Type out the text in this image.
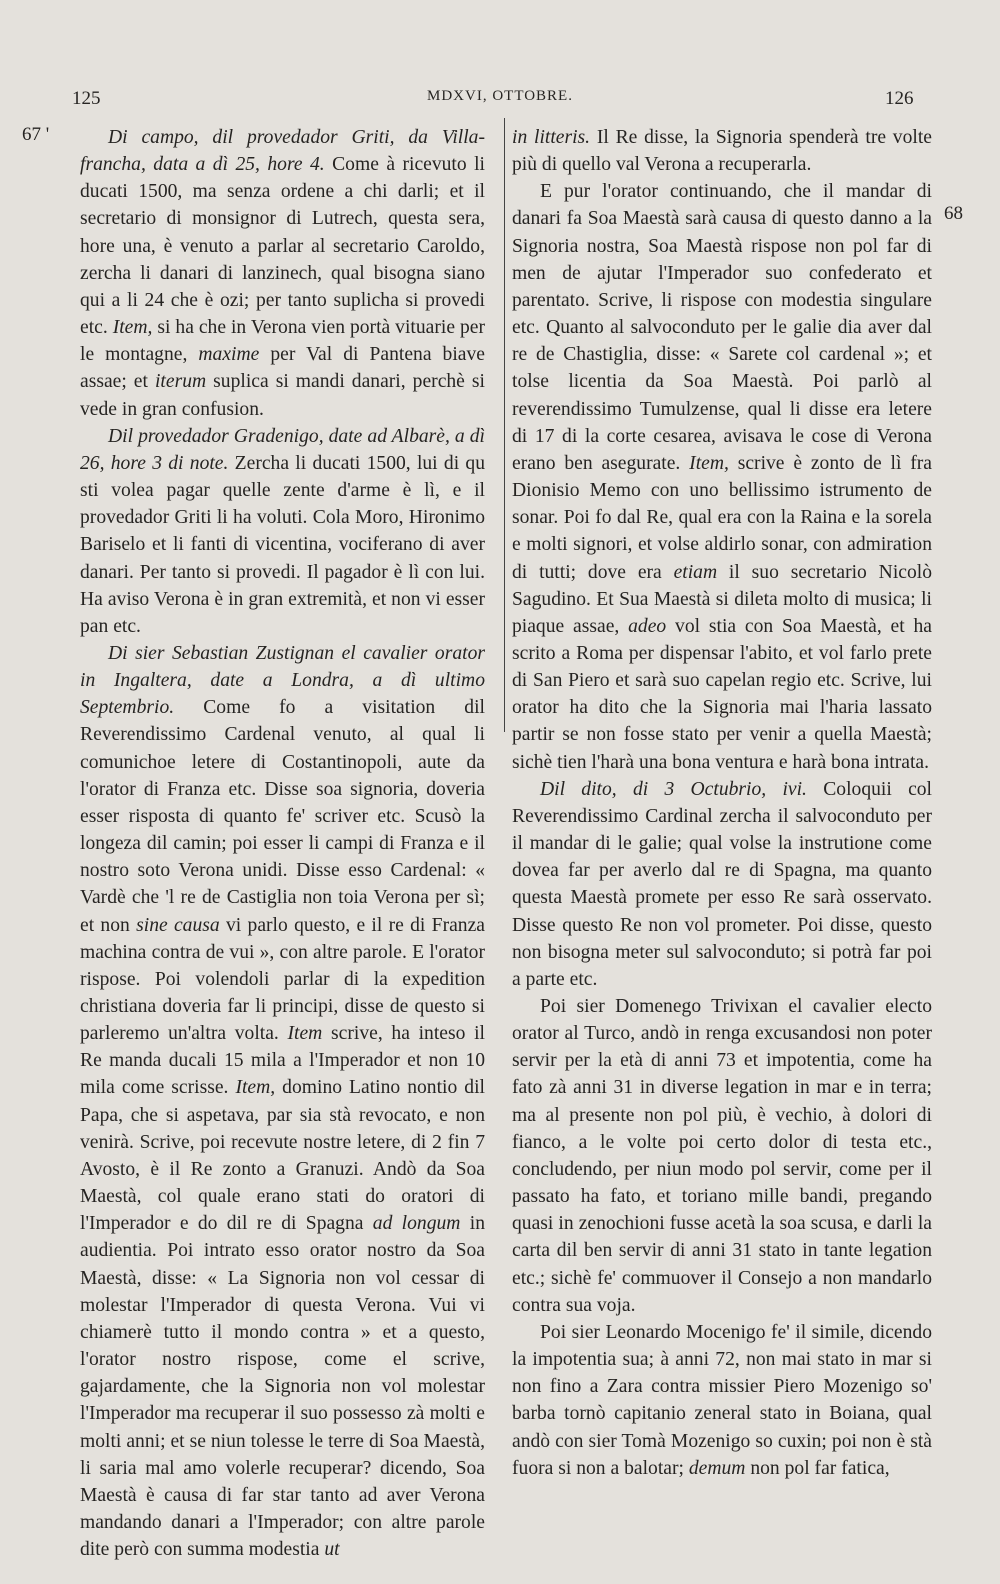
125	MDXVI, OTTOBRE.	126
67 '
68

Di campo, dil provedador Griti, da Villa-francha, data a dì 25, hore 4. Come à ricevuto li ducati 1500, ma senza ordene a chi darli; et il secretario di monsignor di Lutrech, questa sera, hore una, è venuto a parlar al secretario Caroldo, zercha li danari di lanzinech, qual bisogna siano qui a li 24 che è ozi; per tanto suplicha si provedi etc. Item, si ha che in Verona vien portà vituarie per le montagne, maxime per Val di Pantena biave assae; et iterum suplica si mandi danari, perchè si vede in gran confusion.

Dil provedador Gradenigo, date ad Albarè, a dì 26, hore 3 di note. Zercha li ducati 1500, lui di qu sti volea pagar quelle zente d'arme è lì, e il provedador Griti li ha voluti. Cola Moro, Hironimo Bariselo et li fanti di vicentina, vociferano di aver danari. Per tanto si provedi. Il pagador è lì con lui. Ha aviso Verona è in gran extremità, et non vi esser pan etc.

Di sier Sebastian Zustignan el cavalier orator in Ingaltera, date a Londra, a dì ultimo Septembrio. Come fo a visitation dil Reverendissimo Cardenal venuto, al qual li comunichoe letere di Costantinopoli, aute da l'orator di Franza etc. Disse soa signoria, doveria esser risposta di quanto fe' scriver etc. Scusò la longeza dil camin; poi esser li campi di Franza e il nostro soto Verona unidi. Disse esso Cardenal: « Vardè che 'l re de Castiglia non toia Verona per sì; et non sine causa vi parlo questo, e il re di Franza machina contra de vui », con altre parole. E l'orator rispose. Poi volendoli parlar di la expedition christiana doveria far li principi, disse de questo si parleremo un'altra volta. Item scrive, ha inteso il Re manda ducali 15 mila a l'Imperador et non 10 mila come scrisse. Item, domino Latino nontio dil Papa, che si aspetava, par sia stà revocato, e non venirà. Scrive, poi recevute nostre letere, di 2 fin 7 Avosto, è il Re zonto a Granuzi. Andò da Soa Maestà, col quale erano stati do oratori di l'Imperador e do dil re di Spagna ad longum in audientia. Poi intrato esso orator nostro da Soa Maestà, disse: « La Signoria non vol cessar di molestar l'Imperador di questa Verona. Vui vi chiamerè tutto il mondo contra » et a questo, l'orator nostro rispose, come el scrive, gajardamente, che la Signoria non vol molestar l'Imperador ma recuperar il suo possesso zà molti e molti anni; et se niun tolesse le terre di Soa Maestà, li saria mal amo volerle recuperar? dicendo, Soa Maestà è causa di far star tanto ad aver Verona mandando danari a l'Imperador; con altre parole dite però con summa modestia ut

in litteris. Il Re disse, la Signoria spenderà tre volte più di quello val Verona a recuperarla.

E pur l'orator continuando, che il mandar di danari fa Soa Maestà sarà causa di questo danno a la Signoria nostra, Soa Maestà rispose non pol far di men de ajutar l'Imperador suo confederato et parentato. Scrive, li rispose con modestia singulare etc. Quanto al salvoconduto per le galie dia aver dal re de Chastiglia, disse: « Sarete col cardenal »; et tolse licentia da Soa Maestà. Poi parlò al reverendissimo Tumulzense, qual li disse era letere di 17 di la corte cesarea, avisava le cose di Verona erano ben asegurate. Item, scrive è zonto de lì fra Dionisio Memo con uno bellissimo istrumento de sonar. Poi fo dal Re, qual era con la Raina e la sorela e molti signori, et volse aldirlo sonar, con admiration di tutti; dove era etiam il suo secretario Nicolò Sagudino. Et Sua Maestà si dileta molto di musica; li piaque assae, adeo vol stia con Soa Maestà, et ha scrito a Roma per dispensar l'abito, et vol farlo prete di San Piero et sarà suo capelan regio etc. Scrive, lui orator ha dito che la Signoria mai l'haria lassato partir se non fosse stato per venir a quella Maestà; sichè tien l'harà una bona ventura e harà bona intrata.

Dil dito, di 3 Octubrio, ivi. Coloquii col Reverendissimo Cardinal zercha il salvoconduto per il mandar di le galie; qual volse la instrutione come dovea far per averlo dal re di Spagna, ma quanto questa Maestà promete per esso Re sarà osservato. Disse questo Re non vol prometer. Poi disse, questo non bisogna meter sul salvoconduto; si potrà far poi a parte etc.

Poi sier Domenego Trivixan el cavalier electo orator al Turco, andò in renga excusandosi non poter servir per la età di anni 73 et impotentia, come ha fato zà anni 31 in diverse legation in mar e in terra; ma al presente non pol più, è vechio, à dolori di fianco, a le volte poi certo dolor di testa etc., concludendo, per niun modo pol servir, come per il passato ha fato, et toriano mille bandi, pregando quasi in zenochioni fusse acetà la soa scusa, e darli la carta dil ben servir di anni 31 stato in tante legation etc.; sichè fe' commuover il Consejo a non mandarlo contra sua voja.

Poi sier Leonardo Mocenigo fe' il simile, dicendo la impotentia sua; à anni 72, non mai stato in mar si non fino a Zara contra missier Piero Mozenigo so' barba tornò capitanio zeneral stato in Boiana, qual andò con sier Tomà Mozenigo so cuxin; poi non è stà fuora si non a balotar; demum non pol far fatica,
